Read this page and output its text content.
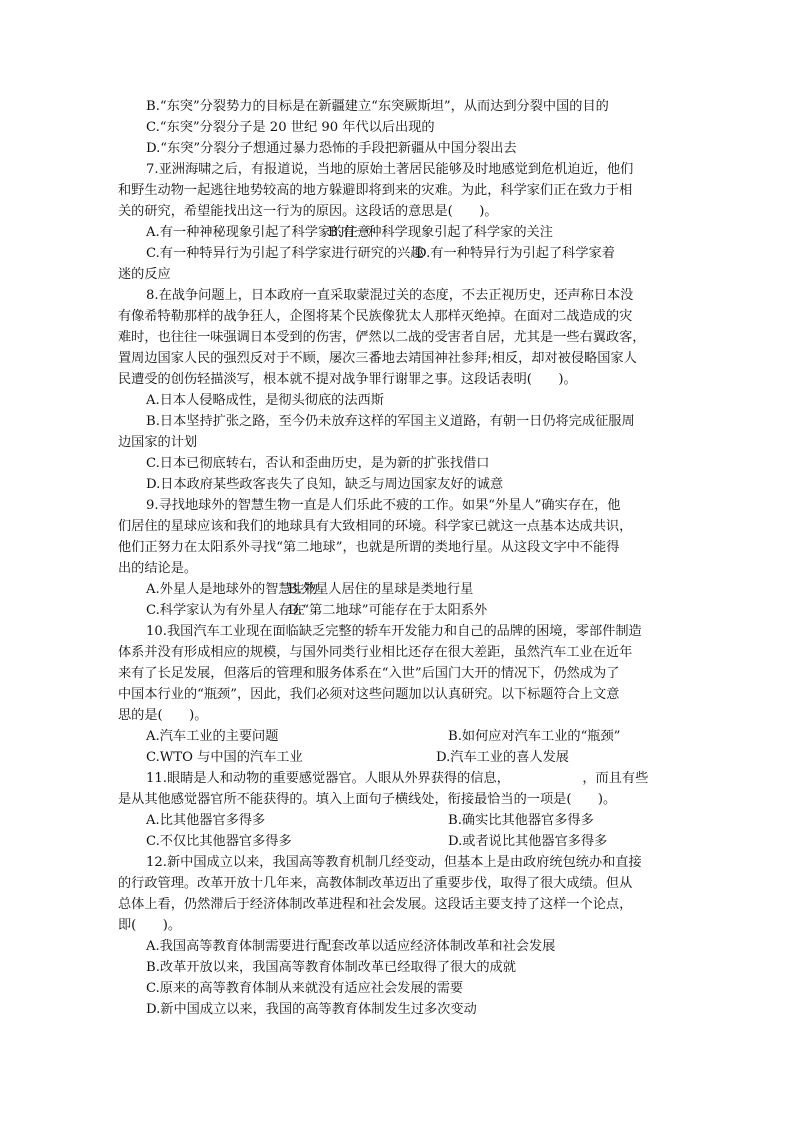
B.“东突”分裂势力的目标是在新疆建立“东突厥斯坦”，从而达到分裂中国的目的
C.“东突”分裂分子是 20 世纪 90 年代以后出现的
D.“东突”分裂分子想通过暴力恐怖的手段把新疆从中国分裂出去
7.亚洲海啸之后，有报道说，当地的原始土著居民能够及时地感觉到危机迫近，他们
和野生动物一起逃往地势较高的地方躲避即将到来的灾难。为此，科学家们正在致力于相
关的研究，希望能找出这一行为的原因。这段话的意思是(　　)。
A.有一种神秘现象引起了科学家的注意
B.有一种科学现象引起了科学家的关注
C.有一种特异行为引起了科学家进行研究的兴趣
D.有一种特异行为引起了科学家着
迷的反应
8.在战争问题上，日本政府一直采取蒙混过关的态度，不去正视历史，还声称日本没
有像希特勒那样的战争狂人，企图将某个民族像犹太人那样灭绝掉。在面对二战造成的灾
难时，也往往一味强调日本受到的伤害，俨然以二战的受害者自居，尤其是一些右翼政客，
置周边国家人民的强烈反对于不顾，屡次三番地去靖国神社参拜;相反，却对被侵略国家人
民遭受的创伤轻描淡写，根本就不提对战争罪行谢罪之事。这段话表明(　　)。
A.日本人侵略成性，是彻头彻底的法西斯
B.日本坚持扩张之路，至今仍未放弃这样的军国主义道路，有朝一日仍将完成征服周
边国家的计划
C.日本已彻底转右，否认和歪曲历史，是为新的扩张找借口
D.日本政府某些政客丧失了良知，缺乏与周边国家友好的诚意
9.寻找地球外的智慧生物一直是人们乐此不疲的工作。如果“外星人”确实存在，他
们居住的星球应该和我们的地球具有大致相同的环境。科学家已就这一点基本达成共识，
他们正努力在太阳系外寻找“第二地球”，也就是所谓的类地行星。从这段文字中不能得
出的结论是。
A.外星人是地球外的智慧生物
B.外星人居住的星球是类地行星
C.科学家认为有外星人存在
D.“第二地球”可能存在于太阳系外
10.我国汽车工业现在面临缺乏完整的轿车开发能力和自己的品牌的困境，零部件制造
体系并没有形成相应的规模，与国外同类行业相比还存在很大差距，虽然汽车工业在近年
来有了长足发展，但落后的管理和服务体系在“入世”后国门大开的情况下，仍然成为了
中国本行业的“瓶颈”，因此，我们必须对这些问题加以认真研究。以下标题符合上文意
思的是(　　)。
A.汽车工业的主要问题	B.如何应对汽车工业的“瓶颈”
C.WTO 与中国的汽车工业	D.汽车工业的喜人发展
11.眼睛是人和动物的重要感觉器官。人眼从外界获得的信息，　　　　　　，而且有些
是从其他感觉器官所不能获得的。填入上面句子横线处，衔接最恰当的一项是(　　)。
A.比其他器官多得多	B.确实比其他器官多得多
C.不仅比其他器官多得多	D.或者说比其他器官多得多
12.新中国成立以来，我国高等教育机制几经变动，但基本上是由政府统包统办和直接
的行政管理。改革开放十几年来，高教体制改革迈出了重要步伐，取得了很大成绩。但从
总体上看，仍然滞后于经济体制改革进程和社会发展。这段话主要支持了这样一个论点，
即(　　)。
A.我国高等教育体制需要进行配套改革以适应经济体制改革和社会发展
B.改革开放以来，我国高等教育体制改革已经取得了很大的成就
C.原来的高等教育体制从来就没有适应社会发展的需要
D.新中国成立以来，我国的高等教育体制发生过多次变动
